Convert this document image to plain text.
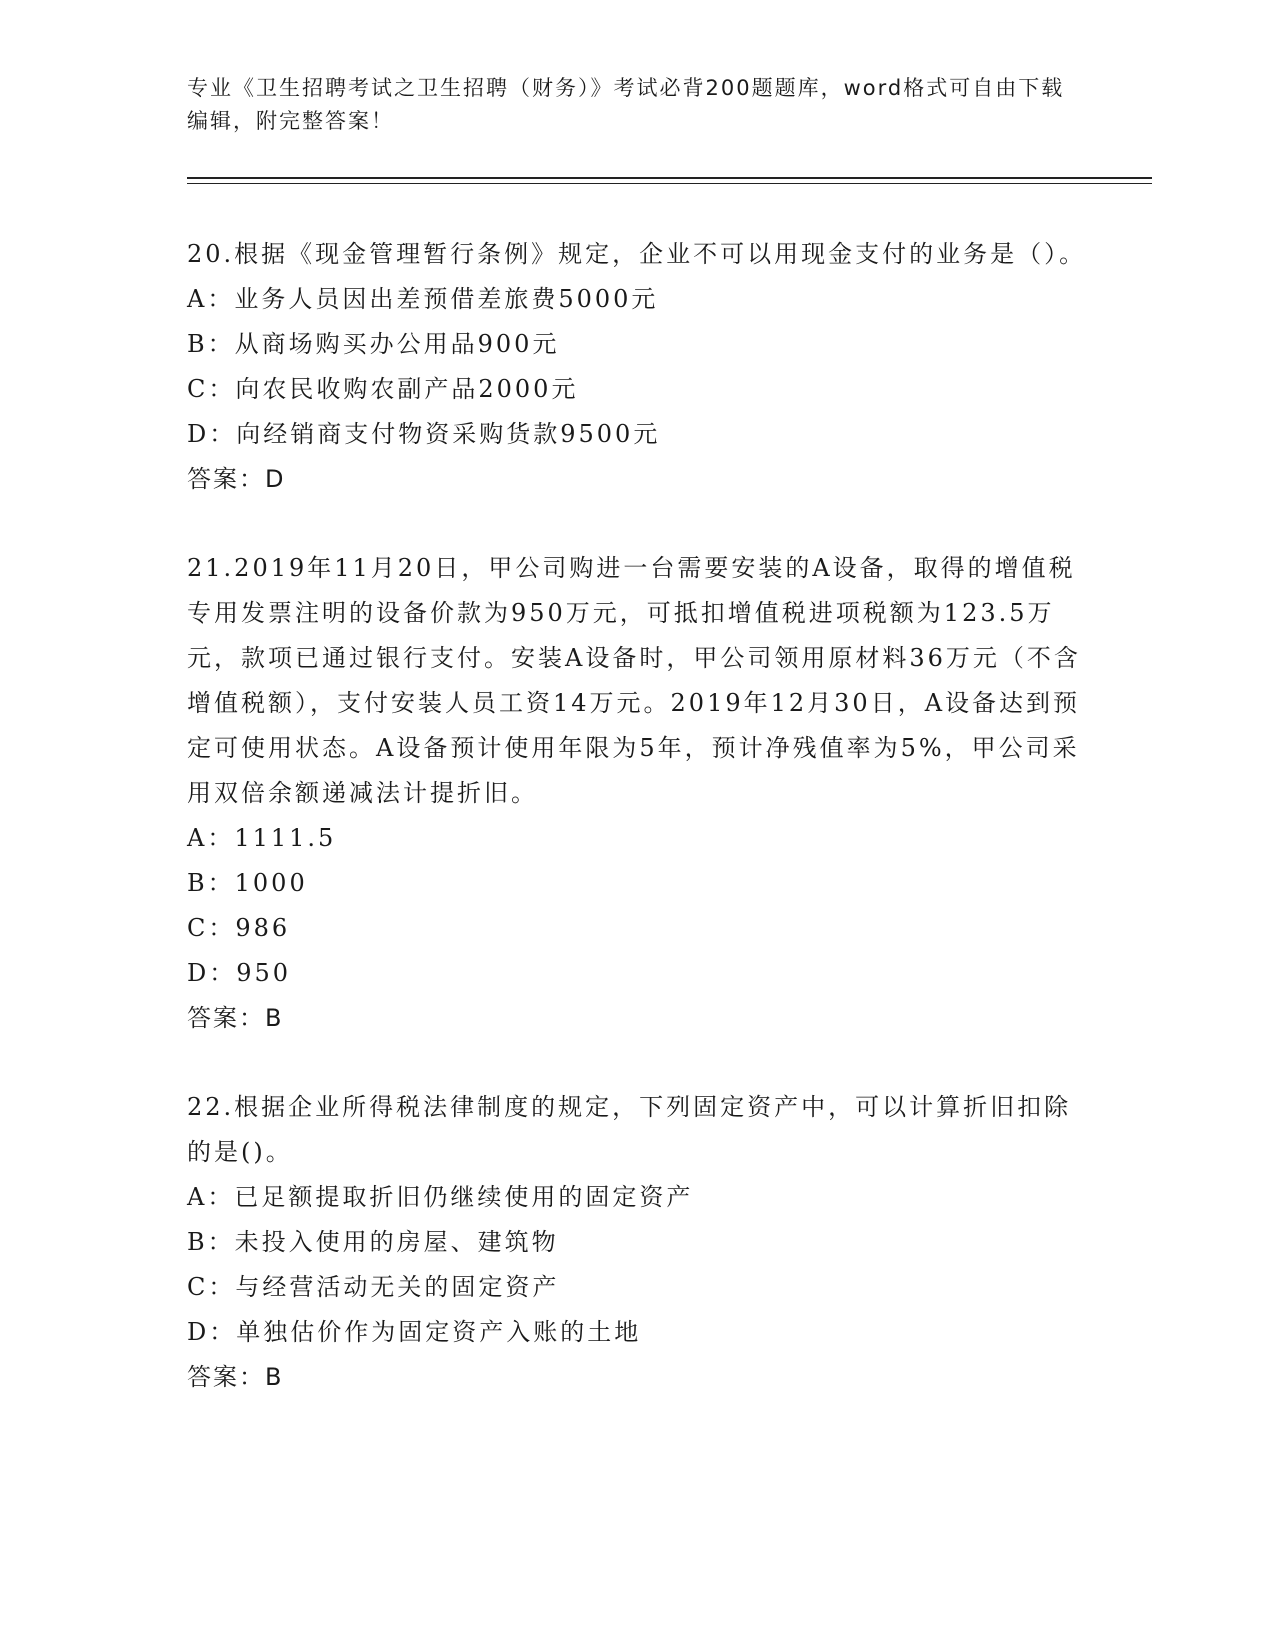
专业《卫生招聘考试之卫生招聘（财务）》考试必背200题题库，word格式可自由下载编辑，附完整答案！
20.根据《现金管理暂行条例》规定，企业不可以用现金支付的业务是（）。
A：业务人员因出差预借差旅费5000元
B：从商场购买办公用品900元
C：向农民收购农副产品2000元
D：向经销商支付物资采购货款9500元
答案：D
21.2019年11月20日，甲公司购进一台需要安装的A设备，取得的增值税专用发票注明的设备价款为950万元，可抵扣增值税进项税额为123.5万元，款项已通过银行支付。安装A设备时，甲公司领用原材料36万元（不含增值税额），支付安装人员工资14万元。2019年12月30日，A设备达到预定可使用状态。A设备预计使用年限为5年，预计净残值率为5%，甲公司采用双倍余额递减法计提折旧。
A：1111.5
B：1000
C：986
D：950
答案：B
22.根据企业所得税法律制度的规定，下列固定资产中，可以计算折旧扣除的是()。
A：已足额提取折旧仍继续使用的固定资产
B：未投入使用的房屋、建筑物
C：与经营活动无关的固定资产
D：单独估价作为固定资产入账的土地
答案：B
